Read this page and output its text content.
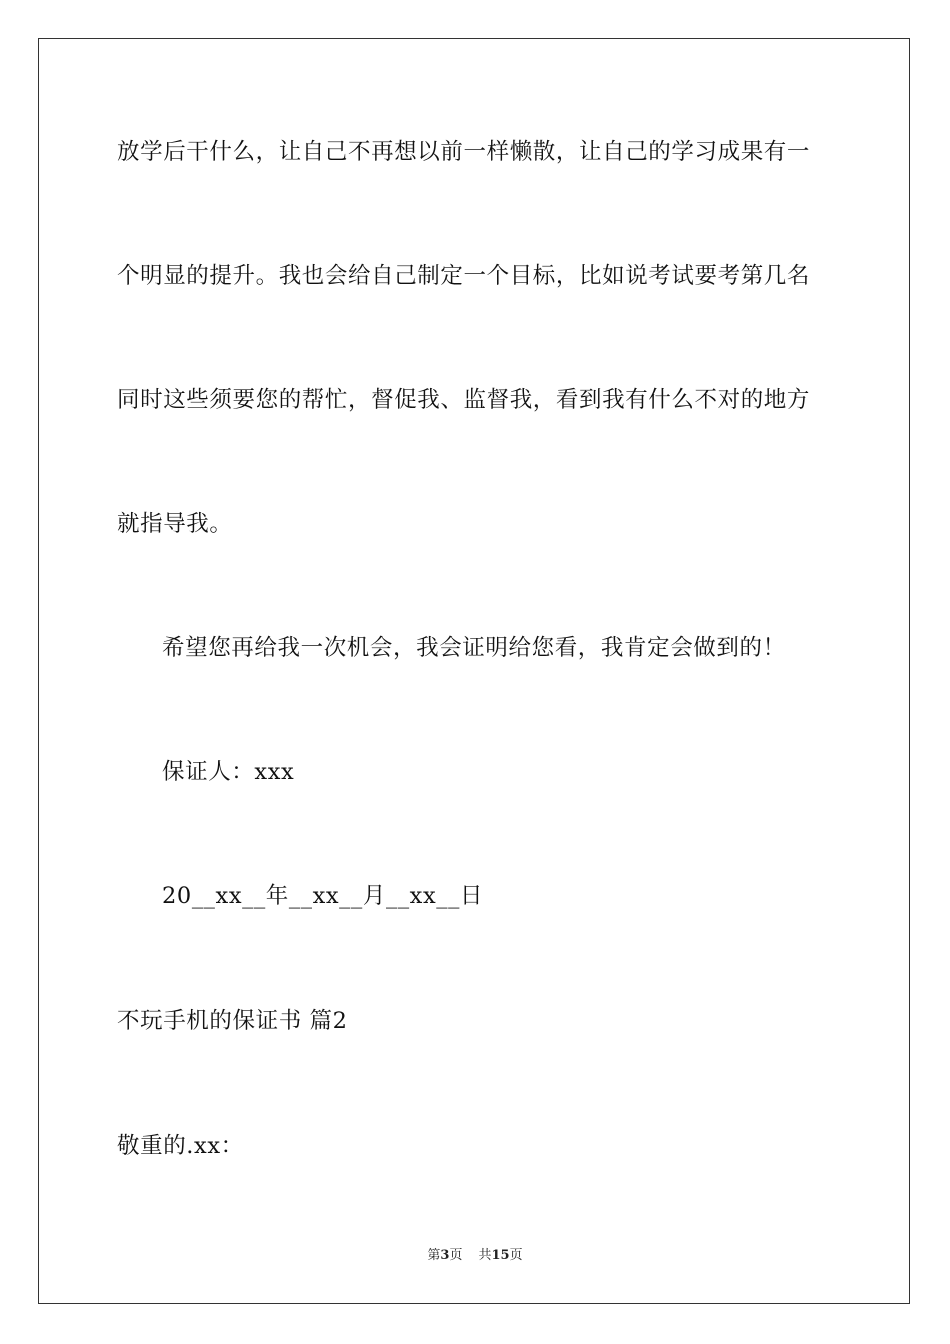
放学后干什么，让自己不再想以前一样懒散，让自己的学习成果有一
个明显的提升。我也会给自己制定一个目标，比如说考试要考第几名
同时这些须要您的帮忙，督促我、监督我，看到我有什么不对的地方
就指导我。
希望您再给我一次机会，我会证明给您看，我肯定会做到的！
保证人：xxx
20__xx__年__xx__月__xx__日
不玩手机的保证书 篇2
敬重的.xx：
第3页 共15页
